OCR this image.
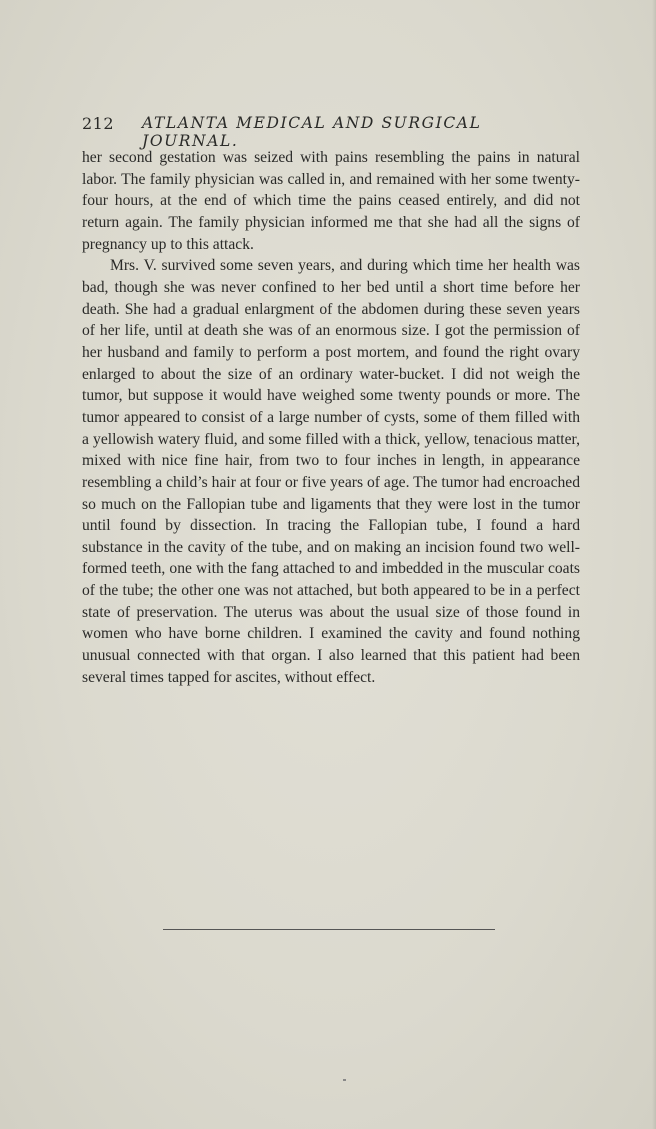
212 ATLANTA MEDICAL AND SURGICAL JOURNAL.

her second gestation was seized with pains resembling the pains in natural labor. The family physician was called in, and remained with her some twenty-four hours, at the end of which time the pains ceased entirely, and did not return again. The family physician informed me that she had all the signs of pregnancy up to this attack.

Mrs. V. survived some seven years, and during which time her health was bad, though she was never confined to her bed until a short time before her death. She had a gradual enlargment of the abdomen during these seven years of her life, until at death she was of an enormous size. I got the permission of her husband and family to perform a post mortem, and found the right ovary enlarged to about the size of an ordinary water-bucket. I did not weigh the tumor, but suppose it would have weighed some twenty pounds or more. The tumor appeared to consist of a large number of cysts, some of them filled with a yellowish watery fluid, and some filled with a thick, yellow, tenacious matter, mixed with nice fine hair, from two to four inches in length, in appearance resembling a child’s hair at four or five years of age. The tumor had encroached so much on the Fallopian tube and ligaments that they were lost in the tumor until found by dissection. In tracing the Fallopian tube, I found a hard substance in the cavity of the tube, and on making an incision found two well-formed teeth, one with the fang attached to and imbedded in the muscular coats of the tube; the other one was not attached, but both appeared to be in a perfect state of preservation. The uterus was about the usual size of those found in women who have borne children. I examined the cavity and found nothing unusual connected with that organ. I also learned that this patient had been several times tapped for ascites, without effect.
